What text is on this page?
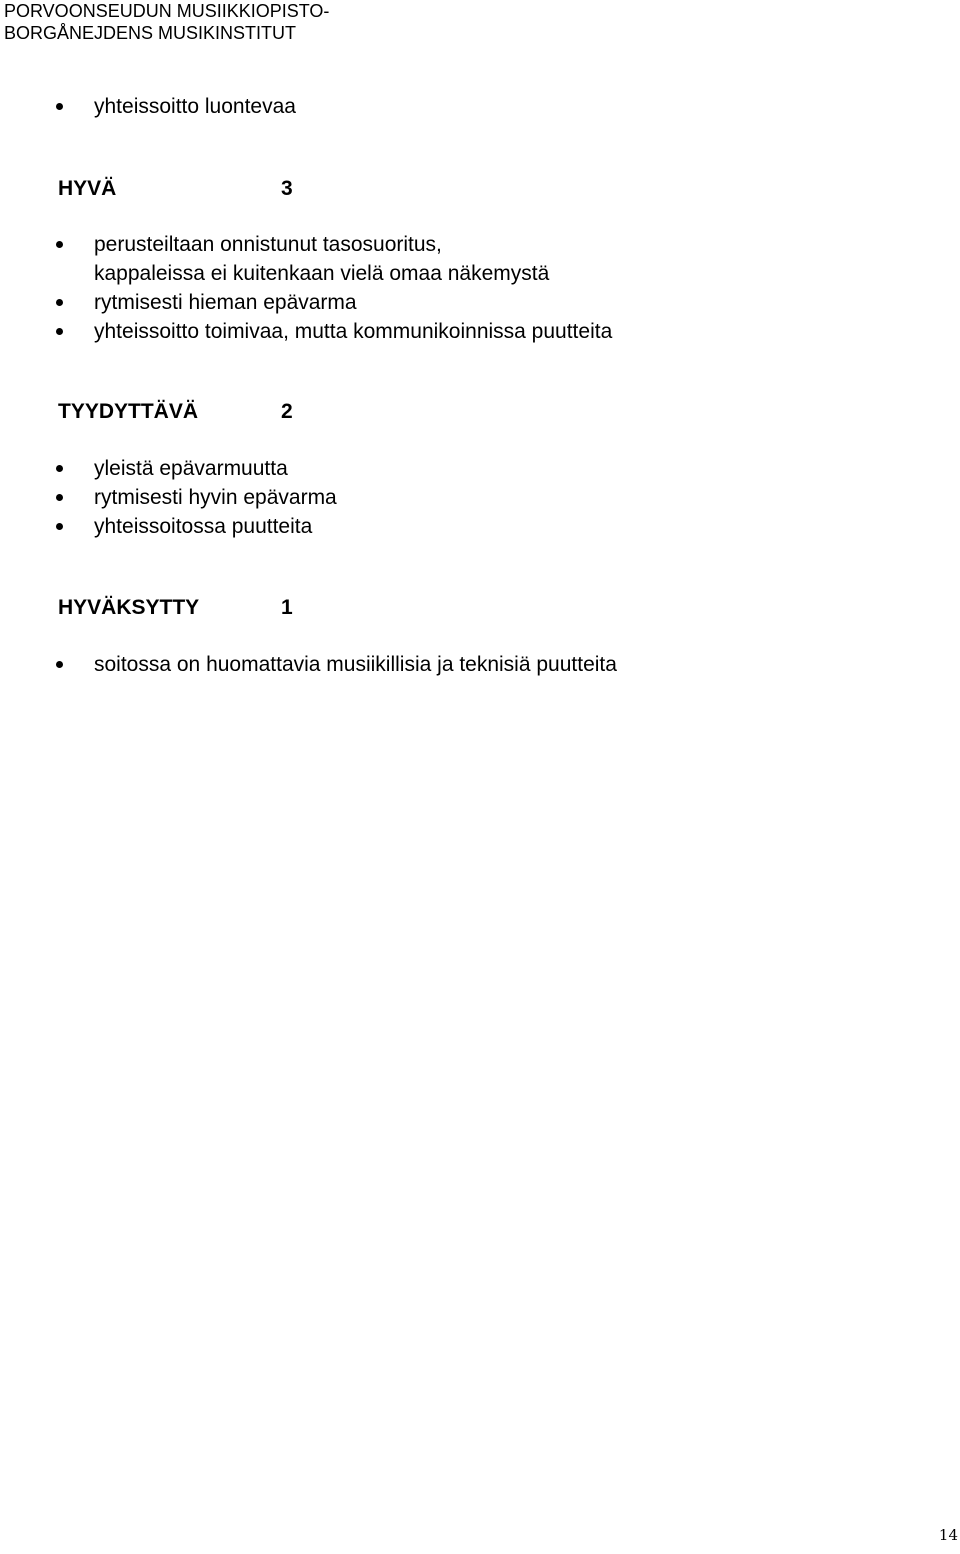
PORVOONSEUDUN MUSIIKKIOPISTO-
BORGÅNEJDENS MUSIKINSTITUT
yhteissoitto luontevaa
HYVÄ	3
perusteiltaan onnistunut tasosuoritus,
kappaleissa ei kuitenkaan vielä omaa näkemystä
rytmisesti hieman epävarma
yhteissoitto toimivaa, mutta kommunikoinnissa puutteita
TYYDYTTÄVÄ	2
yleistä epävarmuutta
rytmisesti hyvin epävarma
yhteissoitossa puutteita
HYVÄKSYTTY	1
soitossa on huomattavia musiikillisia ja teknisiä puutteita
14
